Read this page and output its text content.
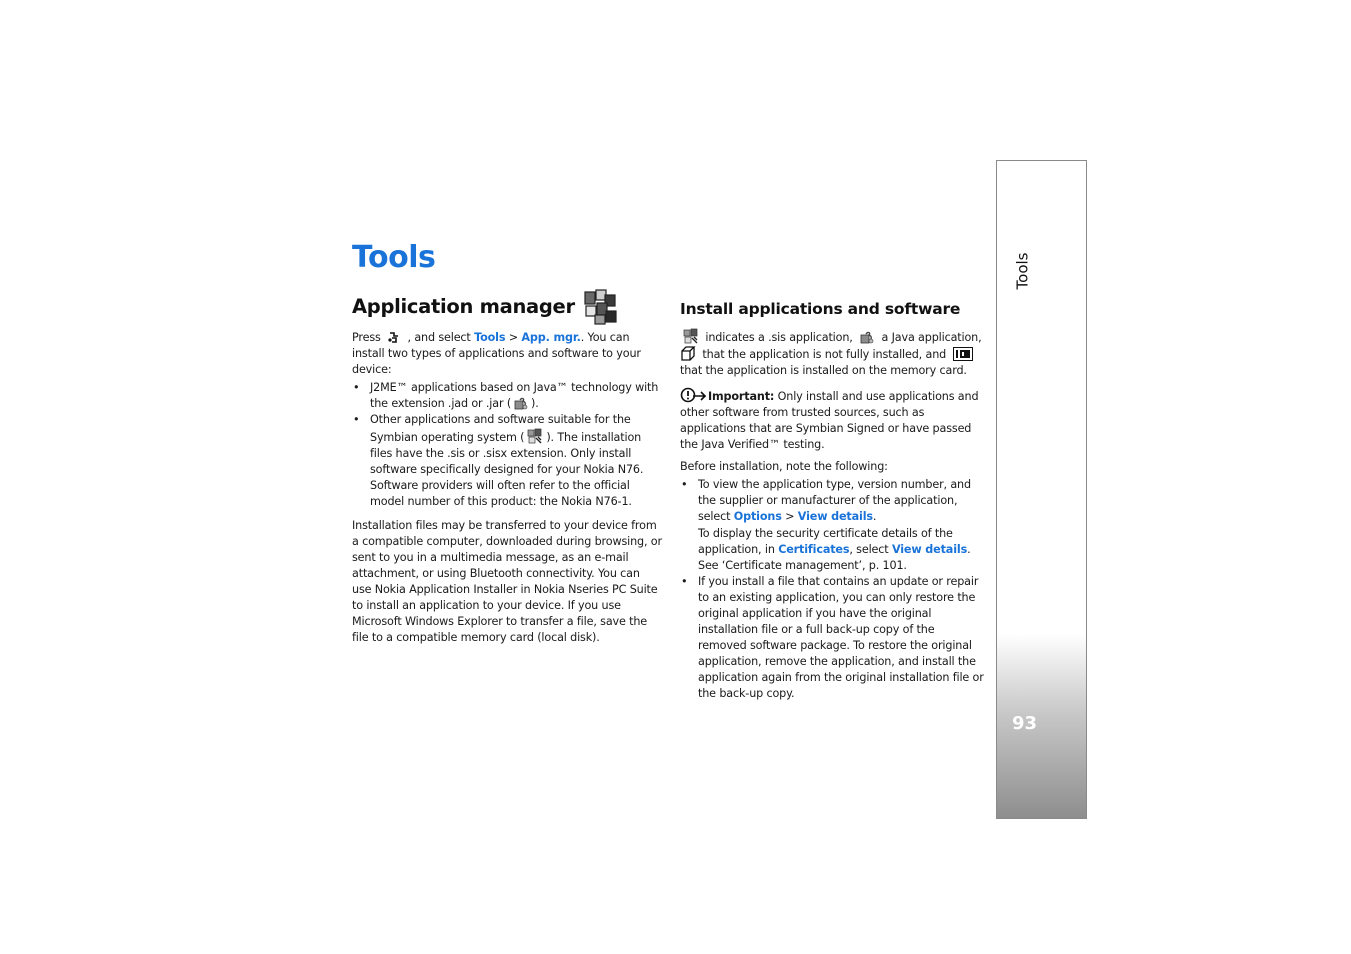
Tools
Application manager

Press  , and select Tools > App. mgr.. You can install two types of applications and software to your device:

• J2ME™ applications based on Java™ technology with the extension .jad or .jar ( ).
• Other applications and software suitable for the Symbian operating system ( ). The installation files have the .sis or .sisx extension. Only install software specifically designed for your Nokia N76. Software providers will often refer to the official model number of this product: the Nokia N76-1.

Installation files may be transferred to your device from a compatible computer, downloaded during browsing, or sent to you in a multimedia message, as an e-mail attachment, or using Bluetooth connectivity. You can use Nokia Application Installer in Nokia Nseries PC Suite to install an application to your device. If you use Microsoft Windows Explorer to transfer a file, save the file to a compatible memory card (local disk).

Install applications and software

indicates a .sis application,  a Java application,  that the application is not fully installed, and  that the application is installed on the memory card.

Important: Only install and use applications and other software from trusted sources, such as applications that are Symbian Signed or have passed the Java Verified™ testing.

Before installation, note the following:

• To view the application type, version number, and the supplier or manufacturer of the application, select Options > View details.
To display the security certificate details of the application, in Certificates, select View details. See ‘Certificate management’, p. 101.
• If you install a file that contains an update or repair to an existing application, you can only restore the original application if you have the original installation file or a full back-up copy of the removed software package. To restore the original application, remove the application, and install the application again from the original installation file or the back-up copy.
Tools
93
